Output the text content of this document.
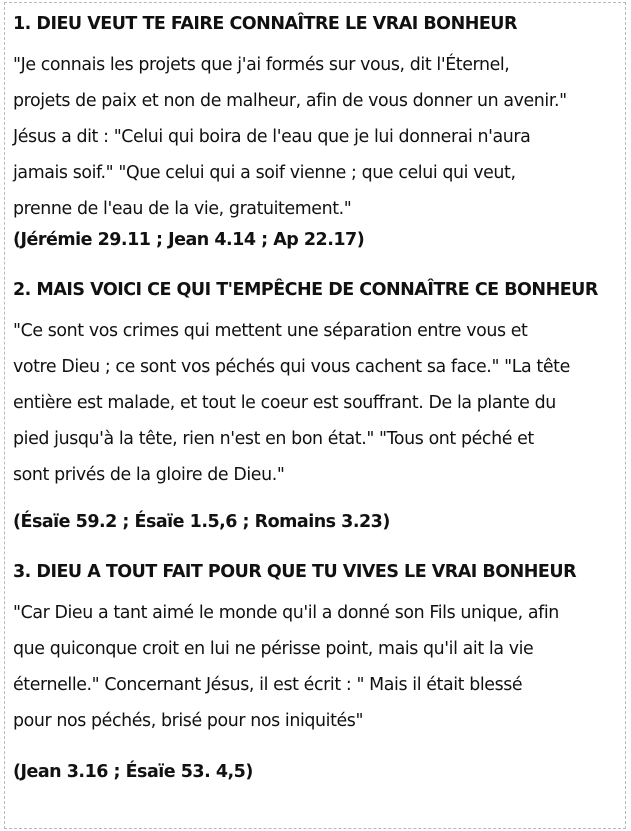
1. DIEU VEUT TE FAIRE CONNAÎTRE LE VRAI BONHEUR

"Je connais les projets que j'ai formés sur vous, dit l'Éternel,
projets de paix et non de malheur, afin de vous donner un avenir."
Jésus a dit : "Celui qui boira de l'eau que je lui donnerai n'aura
jamais soif." "Que celui qui a soif vienne ; que celui qui veut,
prenne de l'eau de la vie, gratuitement."

(Jérémie 29.11 ; Jean 4.14 ; Ap 22.17)

2. MAIS VOICI CE QUI T'EMPÊCHE DE CONNAÎTRE CE BONHEUR

"Ce sont vos crimes qui mettent une séparation entre vous et
votre Dieu ; ce sont vos péchés qui vous cachent sa face." "La tête
entière est malade, et tout le coeur est souffrant. De la plante du
pied jusqu'à la tête, rien n'est en bon état." "Tous ont péché et
sont privés de la gloire de Dieu."

(Ésaïe 59.2 ; Ésaïe 1.5,6 ; Romains 3.23)

3. DIEU A TOUT FAIT POUR QUE TU VIVES LE VRAI BONHEUR

"Car Dieu a tant aimé le monde qu'il a donné son Fils unique, afin
que quiconque croit en lui ne périsse point, mais qu'il ait la vie
éternelle." Concernant Jésus, il est écrit : " Mais il était blessé
pour nos péchés, brisé pour nos iniquités"

(Jean 3.16 ; Ésaïe 53. 4,5)
